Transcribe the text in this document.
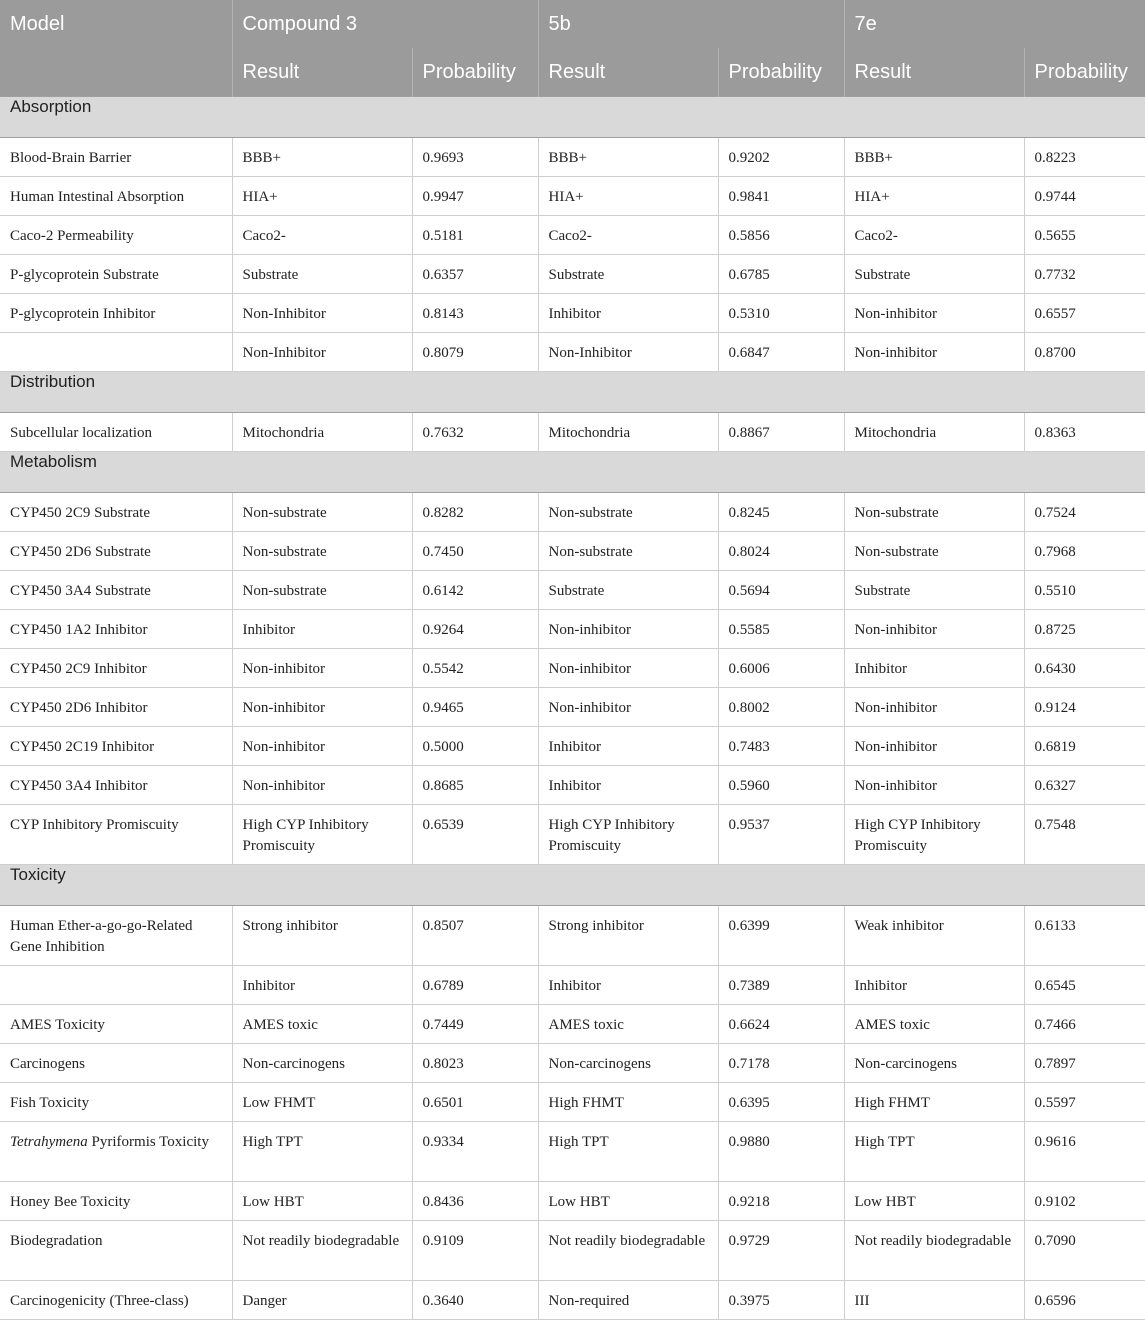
Model	Compound 3		5b		7e	
	Result	Probability	Result	Probability	Result	Probability
Absorption						
Blood-Brain Barrier	BBB+	0.9693	BBB+	0.9202	BBB+	0.8223
Human Intestinal Absorption	HIA+	0.9947	HIA+	0.9841	HIA+	0.9744
Caco-2 Permeability	Caco2-	0.5181	Caco2-	0.5856	Caco2-	0.5655
P-glycoprotein Substrate	Substrate	0.6357	Substrate	0.6785	Substrate	0.7732
P-glycoprotein Inhibitor	Non-Inhibitor	0.8143	Inhibitor	0.5310	Non-inhibitor	0.6557
	Non-Inhibitor	0.8079	Non-Inhibitor	0.6847	Non-inhibitor	0.8700
Distribution						
Subcellular localization	Mitochondria	0.7632	Mitochondria	0.8867	Mitochondria	0.8363
Metabolism						
CYP450 2C9 Substrate	Non-substrate	0.8282	Non-substrate	0.8245	Non-substrate	0.7524
CYP450 2D6 Substrate	Non-substrate	0.7450	Non-substrate	0.8024	Non-substrate	0.7968
CYP450 3A4 Substrate	Non-substrate	0.6142	Substrate	0.5694	Substrate	0.5510
CYP450 1A2 Inhibitor	Inhibitor	0.9264	Non-inhibitor	0.5585	Non-inhibitor	0.8725
CYP450 2C9 Inhibitor	Non-inhibitor	0.5542	Non-inhibitor	0.6006	Inhibitor	0.6430
CYP450 2D6 Inhibitor	Non-inhibitor	0.9465	Non-inhibitor	0.8002	Non-inhibitor	0.9124
CYP450 2C19 Inhibitor	Non-inhibitor	0.5000	Inhibitor	0.7483	Non-inhibitor	0.6819
CYP450 3A4 Inhibitor	Non-inhibitor	0.8685	Inhibitor	0.5960	Non-inhibitor	0.6327
CYP Inhibitory Promiscuity	High CYP Inhibitory Promiscuity	0.6539	High CYP Inhibitory Promiscuity	0.9537	High CYP Inhibitory Promiscuity	0.7548
Toxicity						
Human Ether-a-go-go-Related Gene Inhibition	Strong inhibitor	0.8507	Strong inhibitor	0.6399	Weak inhibitor	0.6133
	Inhibitor	0.6789	Inhibitor	0.7389	Inhibitor	0.6545
AMES Toxicity	AMES toxic	0.7449	AMES toxic	0.6624	AMES toxic	0.7466
Carcinogens	Non-carcinogens	0.8023	Non-carcinogens	0.7178	Non-carcinogens	0.7897
Fish Toxicity	Low FHMT	0.6501	High FHMT	0.6395	High FHMT	0.5597
Tetrahymena Pyriformis Toxicity	High TPT	0.9334	High TPT	0.9880	High TPT	0.9616
Honey Bee Toxicity	Low HBT	0.8436	Low HBT	0.9218	Low HBT	0.9102
Biodegradation	Not readily biodegradable	0.9109	Not readily biodegradable	0.9729	Not readily biodegradable	0.7090
Carcinogenicity (Three-class)	Danger	0.3640	Non-required	0.3975	III	0.6596
